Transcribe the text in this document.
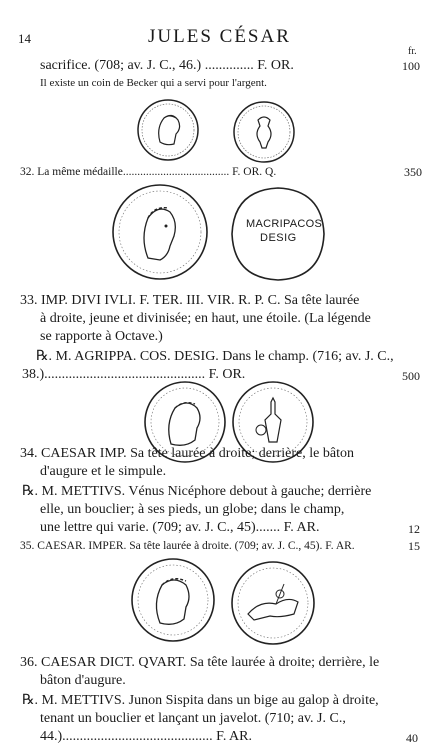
14	JULES CÉSAR
fr.
sacrifice. (708; av. J. C., 46.) .............. F. OR.	100
Il existe un coin de Becker qui a servi pour l'argent.
32. La même médaille..................................... F. OR. Q.	350
MACRIPACOS
DESIG
33. IMP. DIVI IVLI. F. TER. III. VIR. R. P. C. Sa tête laurée
à droite, jeune et divinisée; en haut, une étoile. (La légende
se rapporte à Octave.)
℞. M. AGRIPPA. COS. DESIG. Dans le champ. (716; av. J. C.,
38.).............................................. F. OR.	500
34. CAESAR IMP. Sa tête laurée à droite; derrière, le bâton
d'augure et le simpule.
℞. M. METTIVS. Vénus Nicéphore debout à gauche; derrière
elle, un bouclier; à ses pieds, un globe; dans le champ,
une lettre qui varie. (709; av. J. C., 45)....... F. AR.	12
35. CAESAR. IMPER. Sa tête laurée à droite. (709; av. J. C., 45). F. AR.	15
36. CAESAR DICT. QVART. Sa tête laurée à droite; derrière, le
bâton d'augure.
℞. M. METTIVS. Junon Sispita dans un bige au galop à droite,
tenant un bouclier et lançant un javelot. (710; av. J. C.,
44.)........................................... F. AR.	40
